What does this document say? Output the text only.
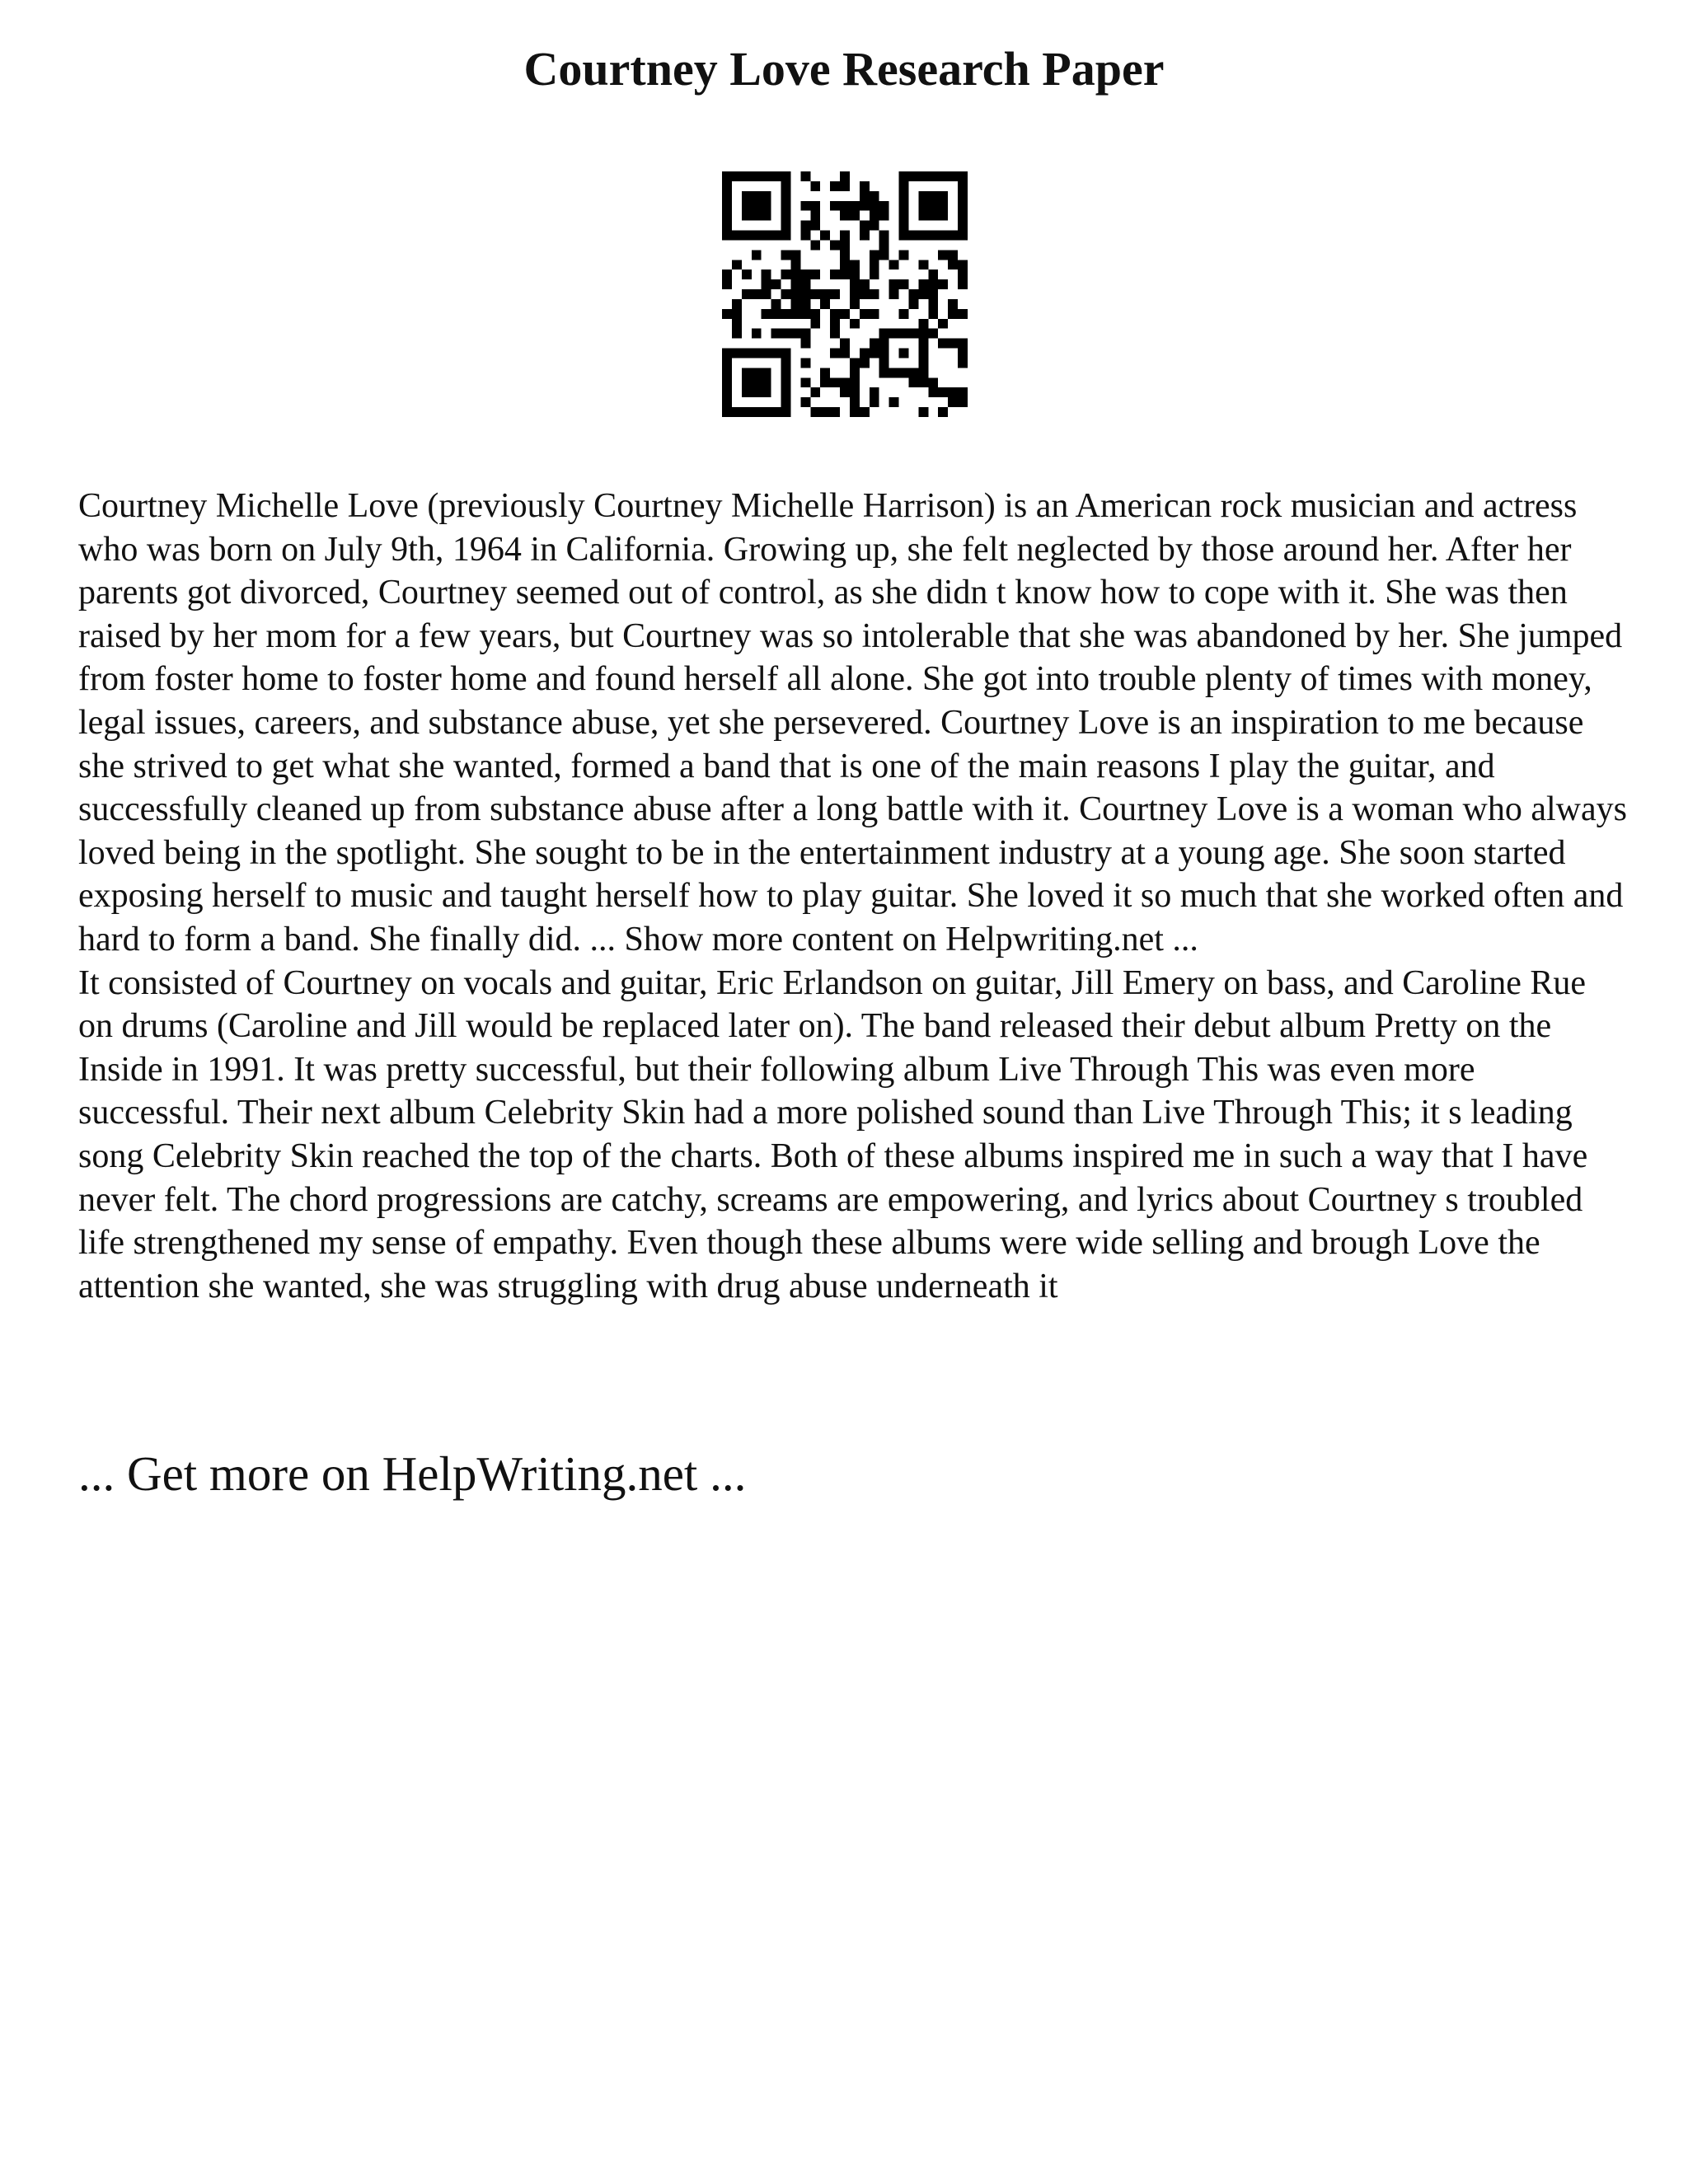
Courtney Love Research Paper

Courtney Michelle Love (previously Courtney Michelle Harrison) is an American rock musician and actress who was born on July 9th, 1964 in California. Growing up, she felt neglected by those around her. After her parents got divorced, Courtney seemed out of control, as she didn t know how to cope with it. She was then raised by her mom for a few years, but Courtney was so intolerable that she was abandoned by her. She jumped from foster home to foster home and found herself all alone. She got into trouble plenty of times with money, legal issues, careers, and substance abuse, yet she persevered. Courtney Love is an inspiration to me because she strived to get what she wanted, formed a band that is one of the main reasons I play the guitar, and successfully cleaned up from substance abuse after a long battle with it. Courtney Love is a woman who always loved being in the spotlight. She sought to be in the entertainment industry at a young age. She soon started exposing herself to music and taught herself how to play guitar. She loved it so much that she worked often and hard to form a band. She finally did. ... Show more content on Helpwriting.net ...

It consisted of Courtney on vocals and guitar, Eric Erlandson on guitar, Jill Emery on bass, and Caroline Rue on drums (Caroline and Jill would be replaced later on). The band released their debut album Pretty on the Inside in 1991. It was pretty successful, but their following album Live Through This was even more successful. Their next album Celebrity Skin had a more polished sound than Live Through This; it s leading song Celebrity Skin reached the top of the charts. Both of these albums inspired me in such a way that I have never felt. The chord progressions are catchy, screams are empowering, and lyrics about Courtney s troubled life strengthened my sense of empathy. Even though these albums were wide selling and brough Love the attention she wanted, she was struggling with drug abuse underneath it

... Get more on HelpWriting.net ...
